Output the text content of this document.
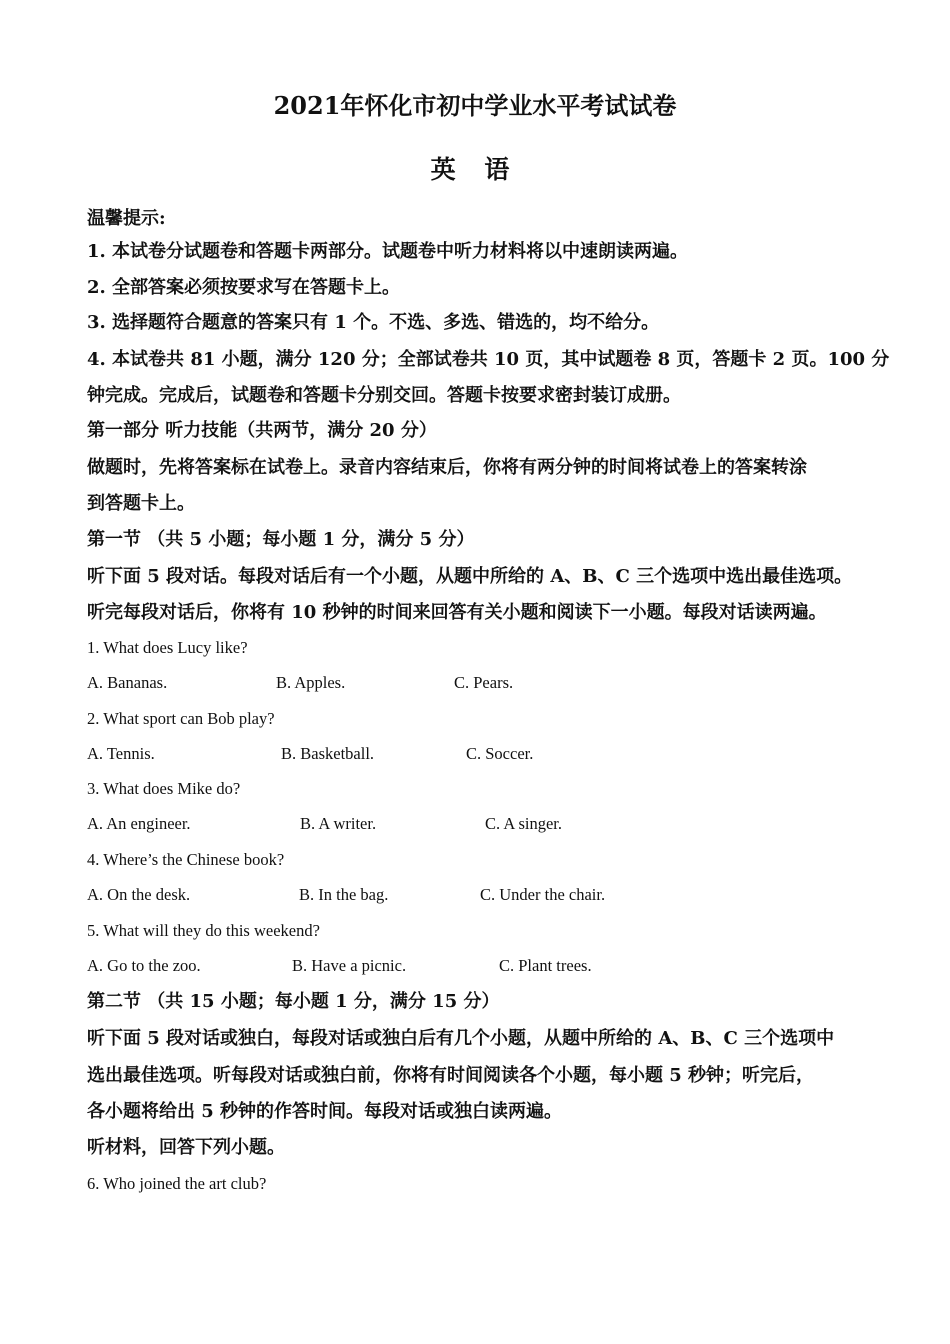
2021年怀化市初中学业水平考试试卷
英 语

温馨提示:

1. 本试卷分试题卷和答题卡两部分。试题卷中听力材料将以中速朗读两遍。

2. 全部答案必须按要求写在答题卡上。

3. 选择题符合题意的答案只有 1 个。不选、多选、错选的，均不给分。

4. 本试卷共 81 小题，满分 120 分；全部试卷共 10 页，其中试题卷 8 页，答题卡 2 页。100 分

钟完成。完成后，试题卷和答题卡分别交回。答题卡按要求密封装订成册。

第一部分 听力技能（共两节，满分 20 分）

做题时，先将答案标在试卷上。录音内容结束后，你将有两分钟的时间将试卷上的答案转涂

到答题卡上。

第一节 （共 5 小题；每小题 1 分，满分 5 分）

听下面 5 段对话。每段对话后有一个小题，从题中所给的 A、B、C 三个选项中选出最佳选项。

听完每段对话后，你将有 10 秒钟的时间来回答有关小题和阅读下一小题。每段对话读两遍。

1. What does Lucy like?

A. Bananas.	B. Apples.	C. Pears.

2. What sport can Bob play?

A. Tennis.	B. Basketball.	C. Soccer.

3. What does Mike do?

A. An engineer.	B. A writer.	C. A singer.

4. Where’s the Chinese book?

A. On the desk.	B. In the bag.	C. Under the chair.

5. What will they do this weekend?

A. Go to the zoo.	B. Have a picnic.	C. Plant trees.

第二节 （共 15 小题；每小题 1 分，满分 15 分）

听下面 5 段对话或独白，每段对话或独白后有几个小题，从题中所给的 A、B、C 三个选项中

选出最佳选项。听每段对话或独白前，你将有时间阅读各个小题，每小题 5 秒钟；听完后，

各小题将给出 5 秒钟的作答时间。每段对话或独白读两遍。

听材料，回答下列小题。

6. Who joined the art club?
